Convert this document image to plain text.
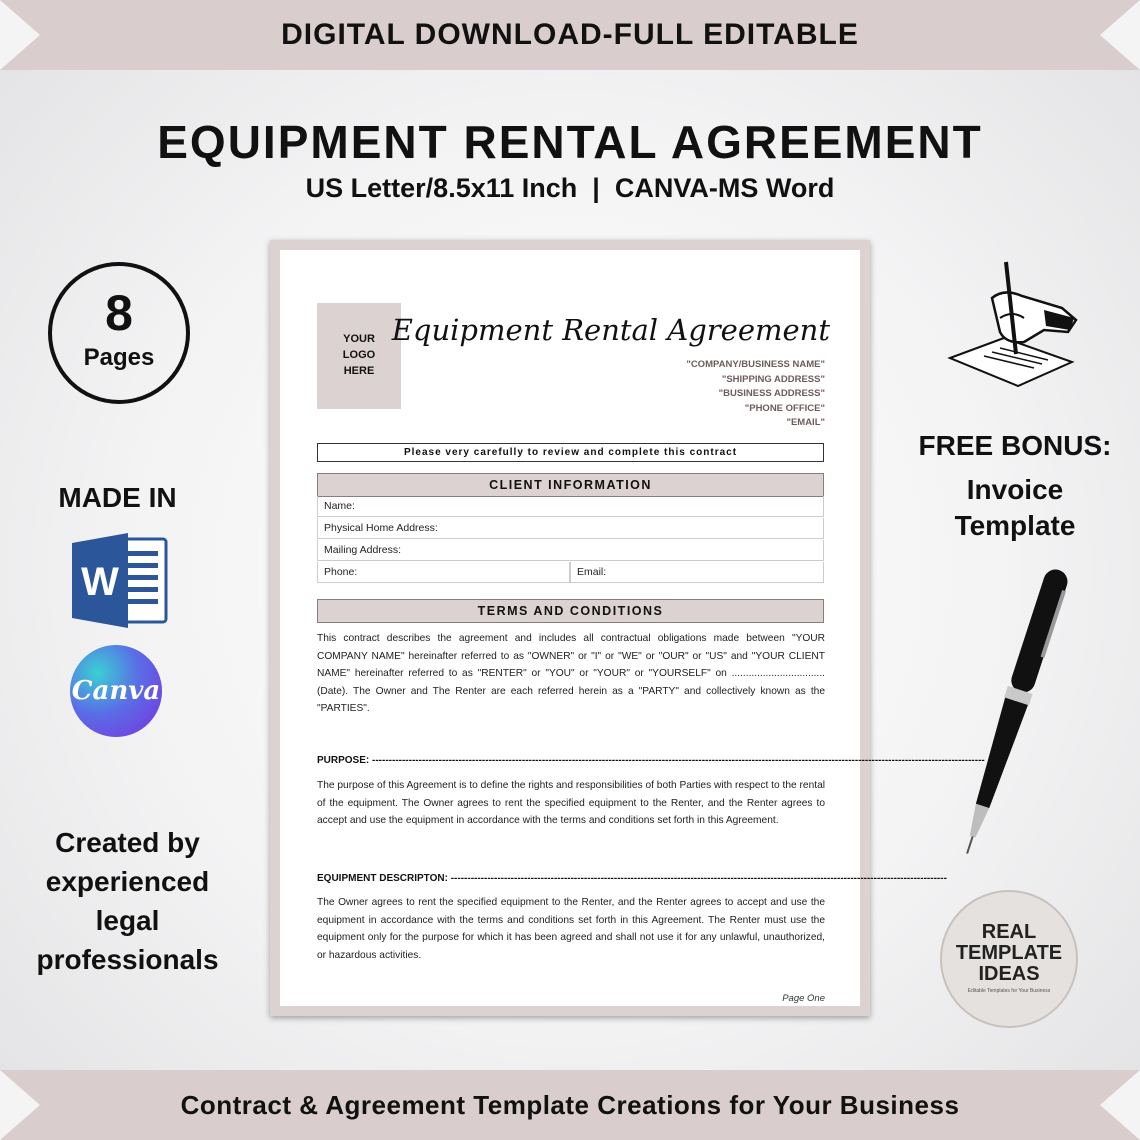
DIGITAL DOWNLOAD-FULL EDITABLE
EQUIPMENT RENTAL AGREEMENT
US Letter/8.5x11 Inch  |  CANVA-MS Word
8
Pages
MADE IN
W
Canva
Created by experienced legal professionals
FREE BONUS:
Invoice Template
REAL TEMPLATE IDEAS
Editable Templates for Your Business
YOUR
LOGO
HERE
Equipment Rental Agreement
"COMPANY/BUSINESS NAME"
"SHIPPING ADDRESS"
"BUSINESS ADDRESS"
"PHONE OFFICE"
"EMAIL"
Please very carefully to review and complete this contract
CLIENT INFORMATION
Name:
Physical Home Address:
Mailing Address:
Phone:	Email:
TERMS AND CONDITIONS
This contract describes the agreement and includes all contractual obligations made between "YOUR COMPANY NAME" hereinafter referred to as "OWNER" or "I" or "WE" or "OUR" or "US" and "YOUR CLIENT NAME" hereinafter referred to as "RENTER" or "YOU" or "YOUR" or "YOURSELF" on ................................. (Date). The Owner and The Renter are each referred herein as a "PARTY" and collectively known as the "PARTIES".
PURPOSE: ----------------------------------------------------------------------------------------------------------------------------------------------------------------------------------------
The purpose of this Agreement is to define the rights and responsibilities of both Parties with respect to the rental of the equipment. The Owner agrees to rent the specified equipment to the Renter, and the Renter agrees to accept and use the equipment in accordance with the terms and conditions set forth in this Agreement.
EQUIPMENT DESCRIPTON: -----------------------------------------------------------------------------------------------------------------------------------------------------
The Owner agrees to rent the specified equipment to the Renter, and the Renter agrees to accept and use the equipment in accordance with the terms and conditions set forth in this Agreement. The Renter must use the equipment only for the purpose for which it has been agreed and shall not use it for any unlawful, unauthorized, or hazardous activities.
Page One
Contract & Agreement Template Creations for Your Business
